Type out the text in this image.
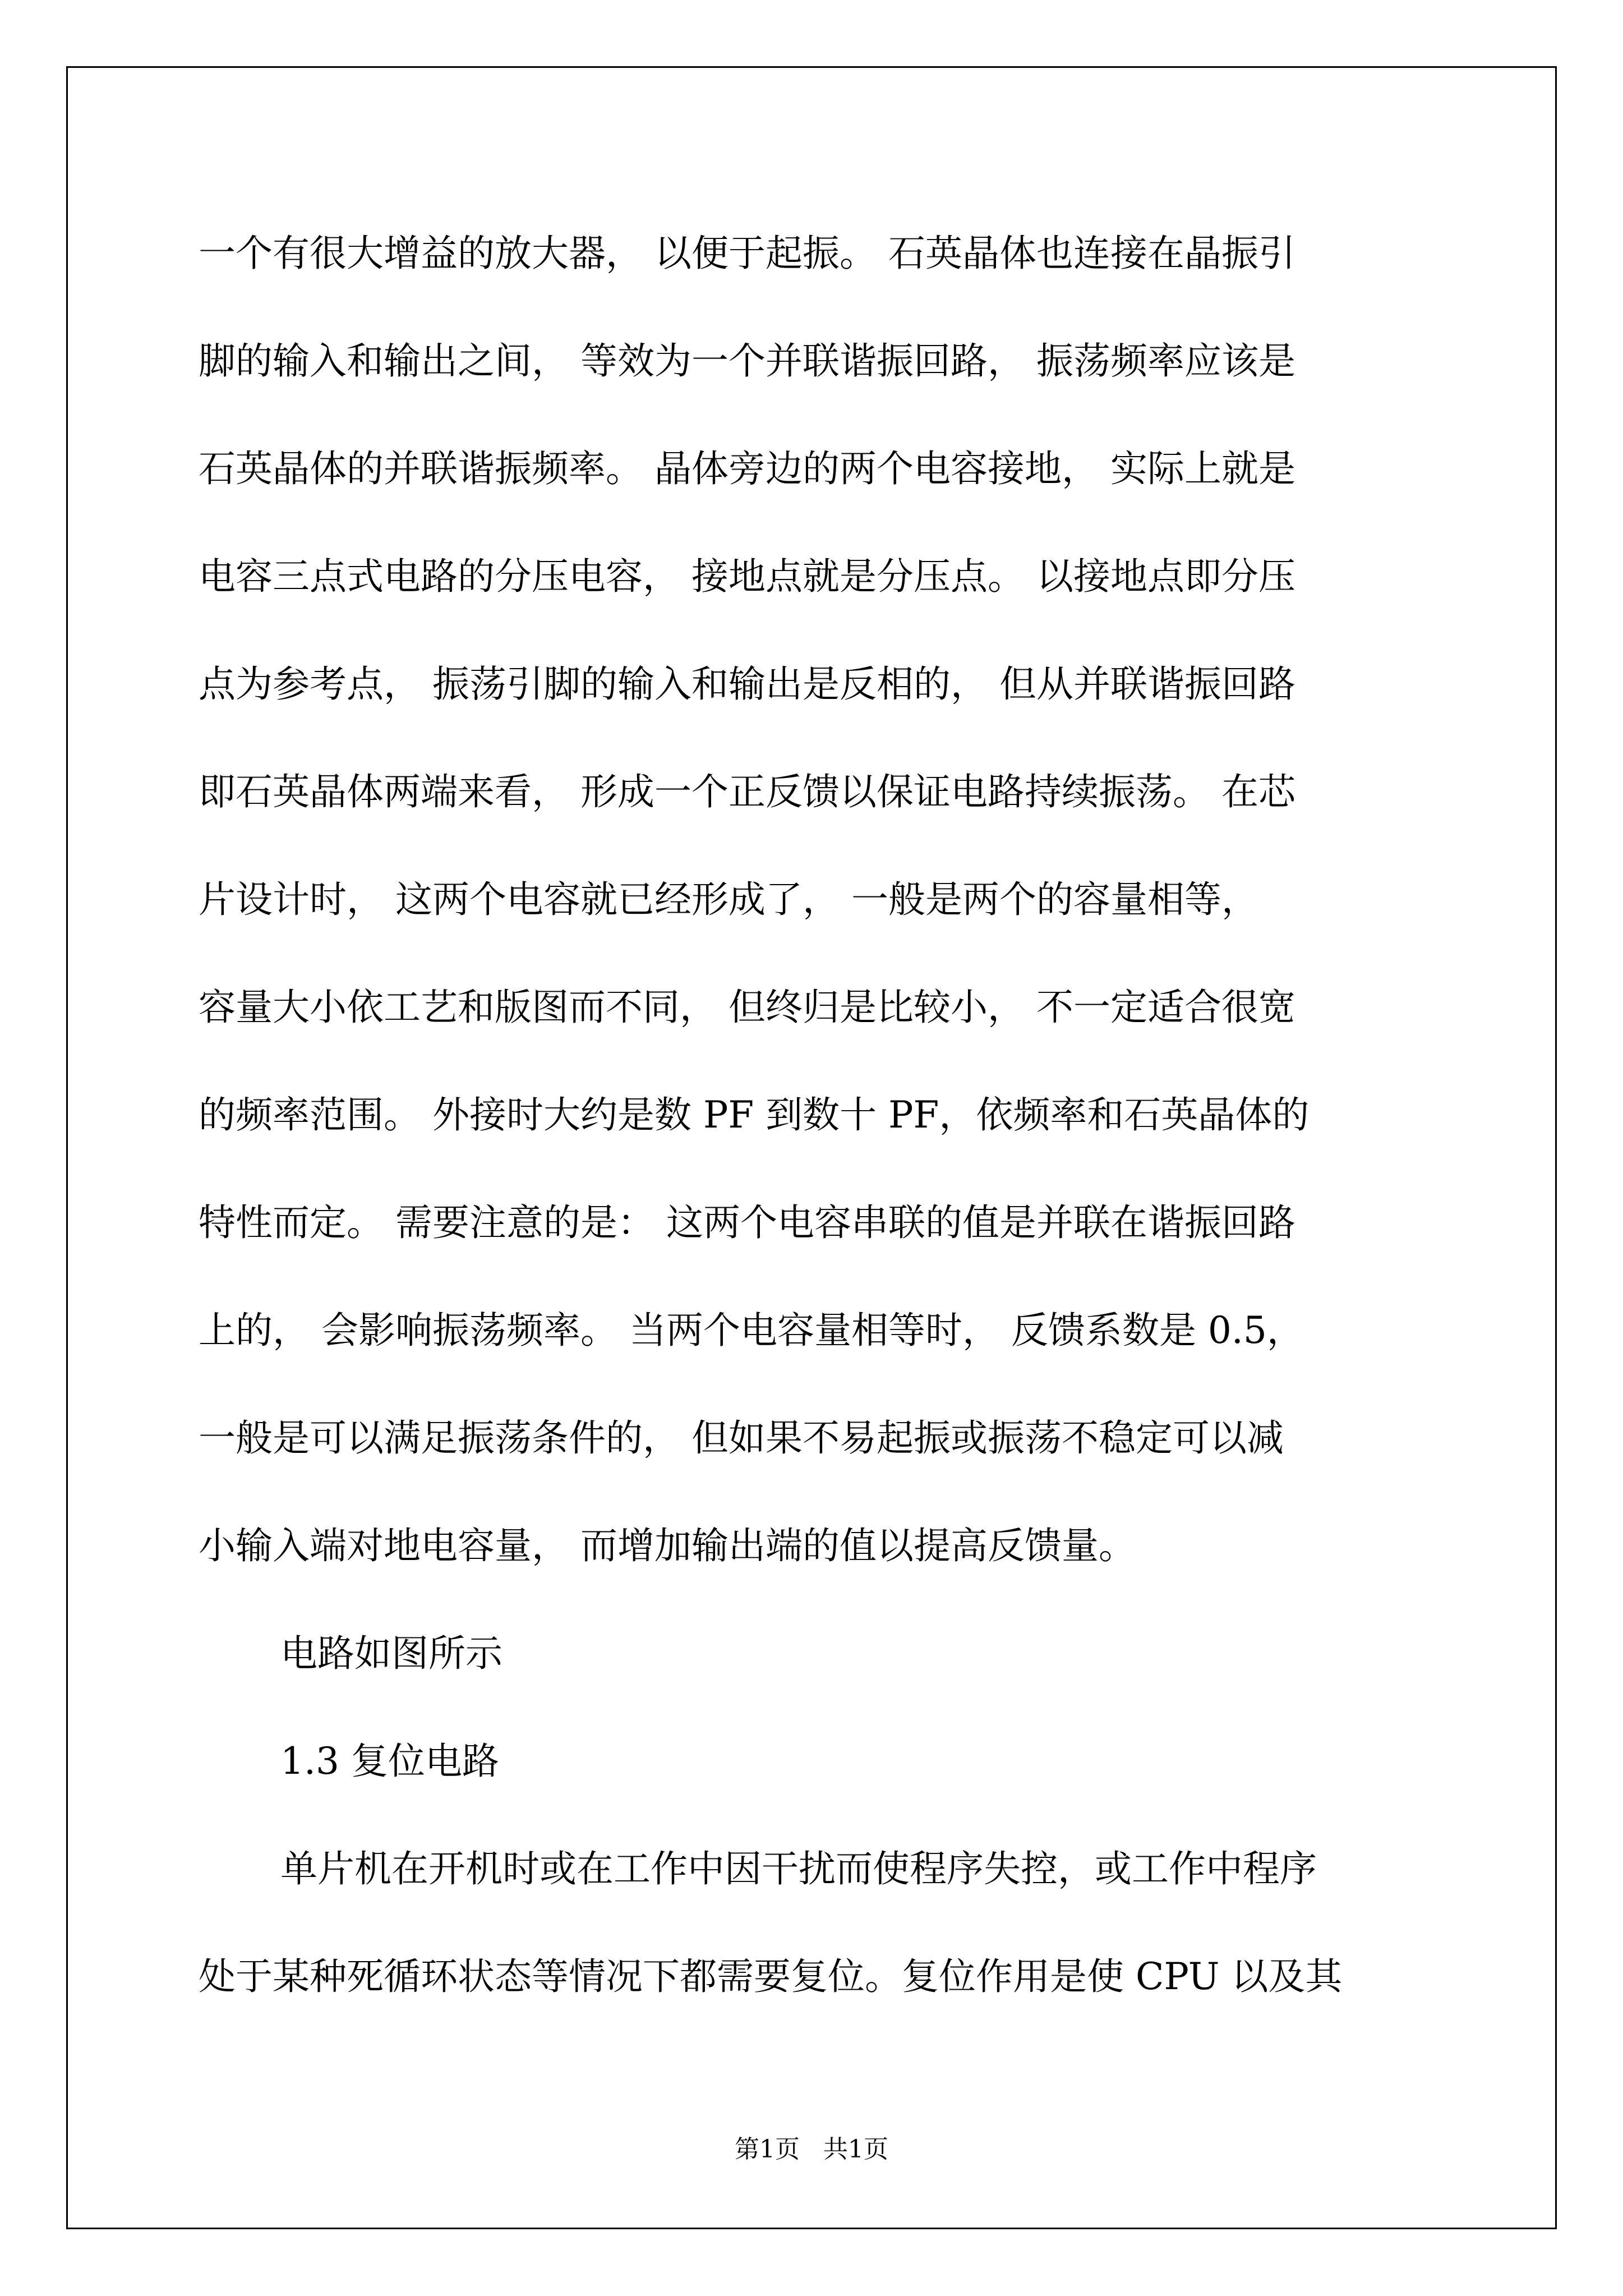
一个有很大增益的放大器， 以便于起振。 石英晶体也连接在晶振引
脚的输入和输出之间， 等效为一个并联谐振回路， 振荡频率应该是
石英晶体的并联谐振频率。 晶体旁边的两个电容接地， 实际上就是
电容三点式电路的分压电容， 接地点就是分压点。 以接地点即分压
点为参考点， 振荡引脚的输入和输出是反相的， 但从并联谐振回路
即石英晶体两端来看， 形成一个正反馈以保证电路持续振荡。 在芯
片设计时， 这两个电容就已经形成了， 一般是两个的容量相等，
容量大小依工艺和版图而不同， 但终归是比较小， 不一定适合很宽
的频率范围。 外接时大约是数 PF 到数十 PF，依频率和石英晶体的
特性而定。 需要注意的是： 这两个电容串联的值是并联在谐振回路
上的， 会影响振荡频率。 当两个电容量相等时， 反馈系数是 0.5，
一般是可以满足振荡条件的， 但如果不易起振或振荡不稳定可以减
小输入端对地电容量， 而增加输出端的值以提高反馈量。
电路如图所示
1.3 复位电路
单片机在开机时或在工作中因干扰而使程序失控，或工作中程序
处于某种死循环状态等情况下都需要复位。复位作用是使 CPU 以及其
第1页   共1页
